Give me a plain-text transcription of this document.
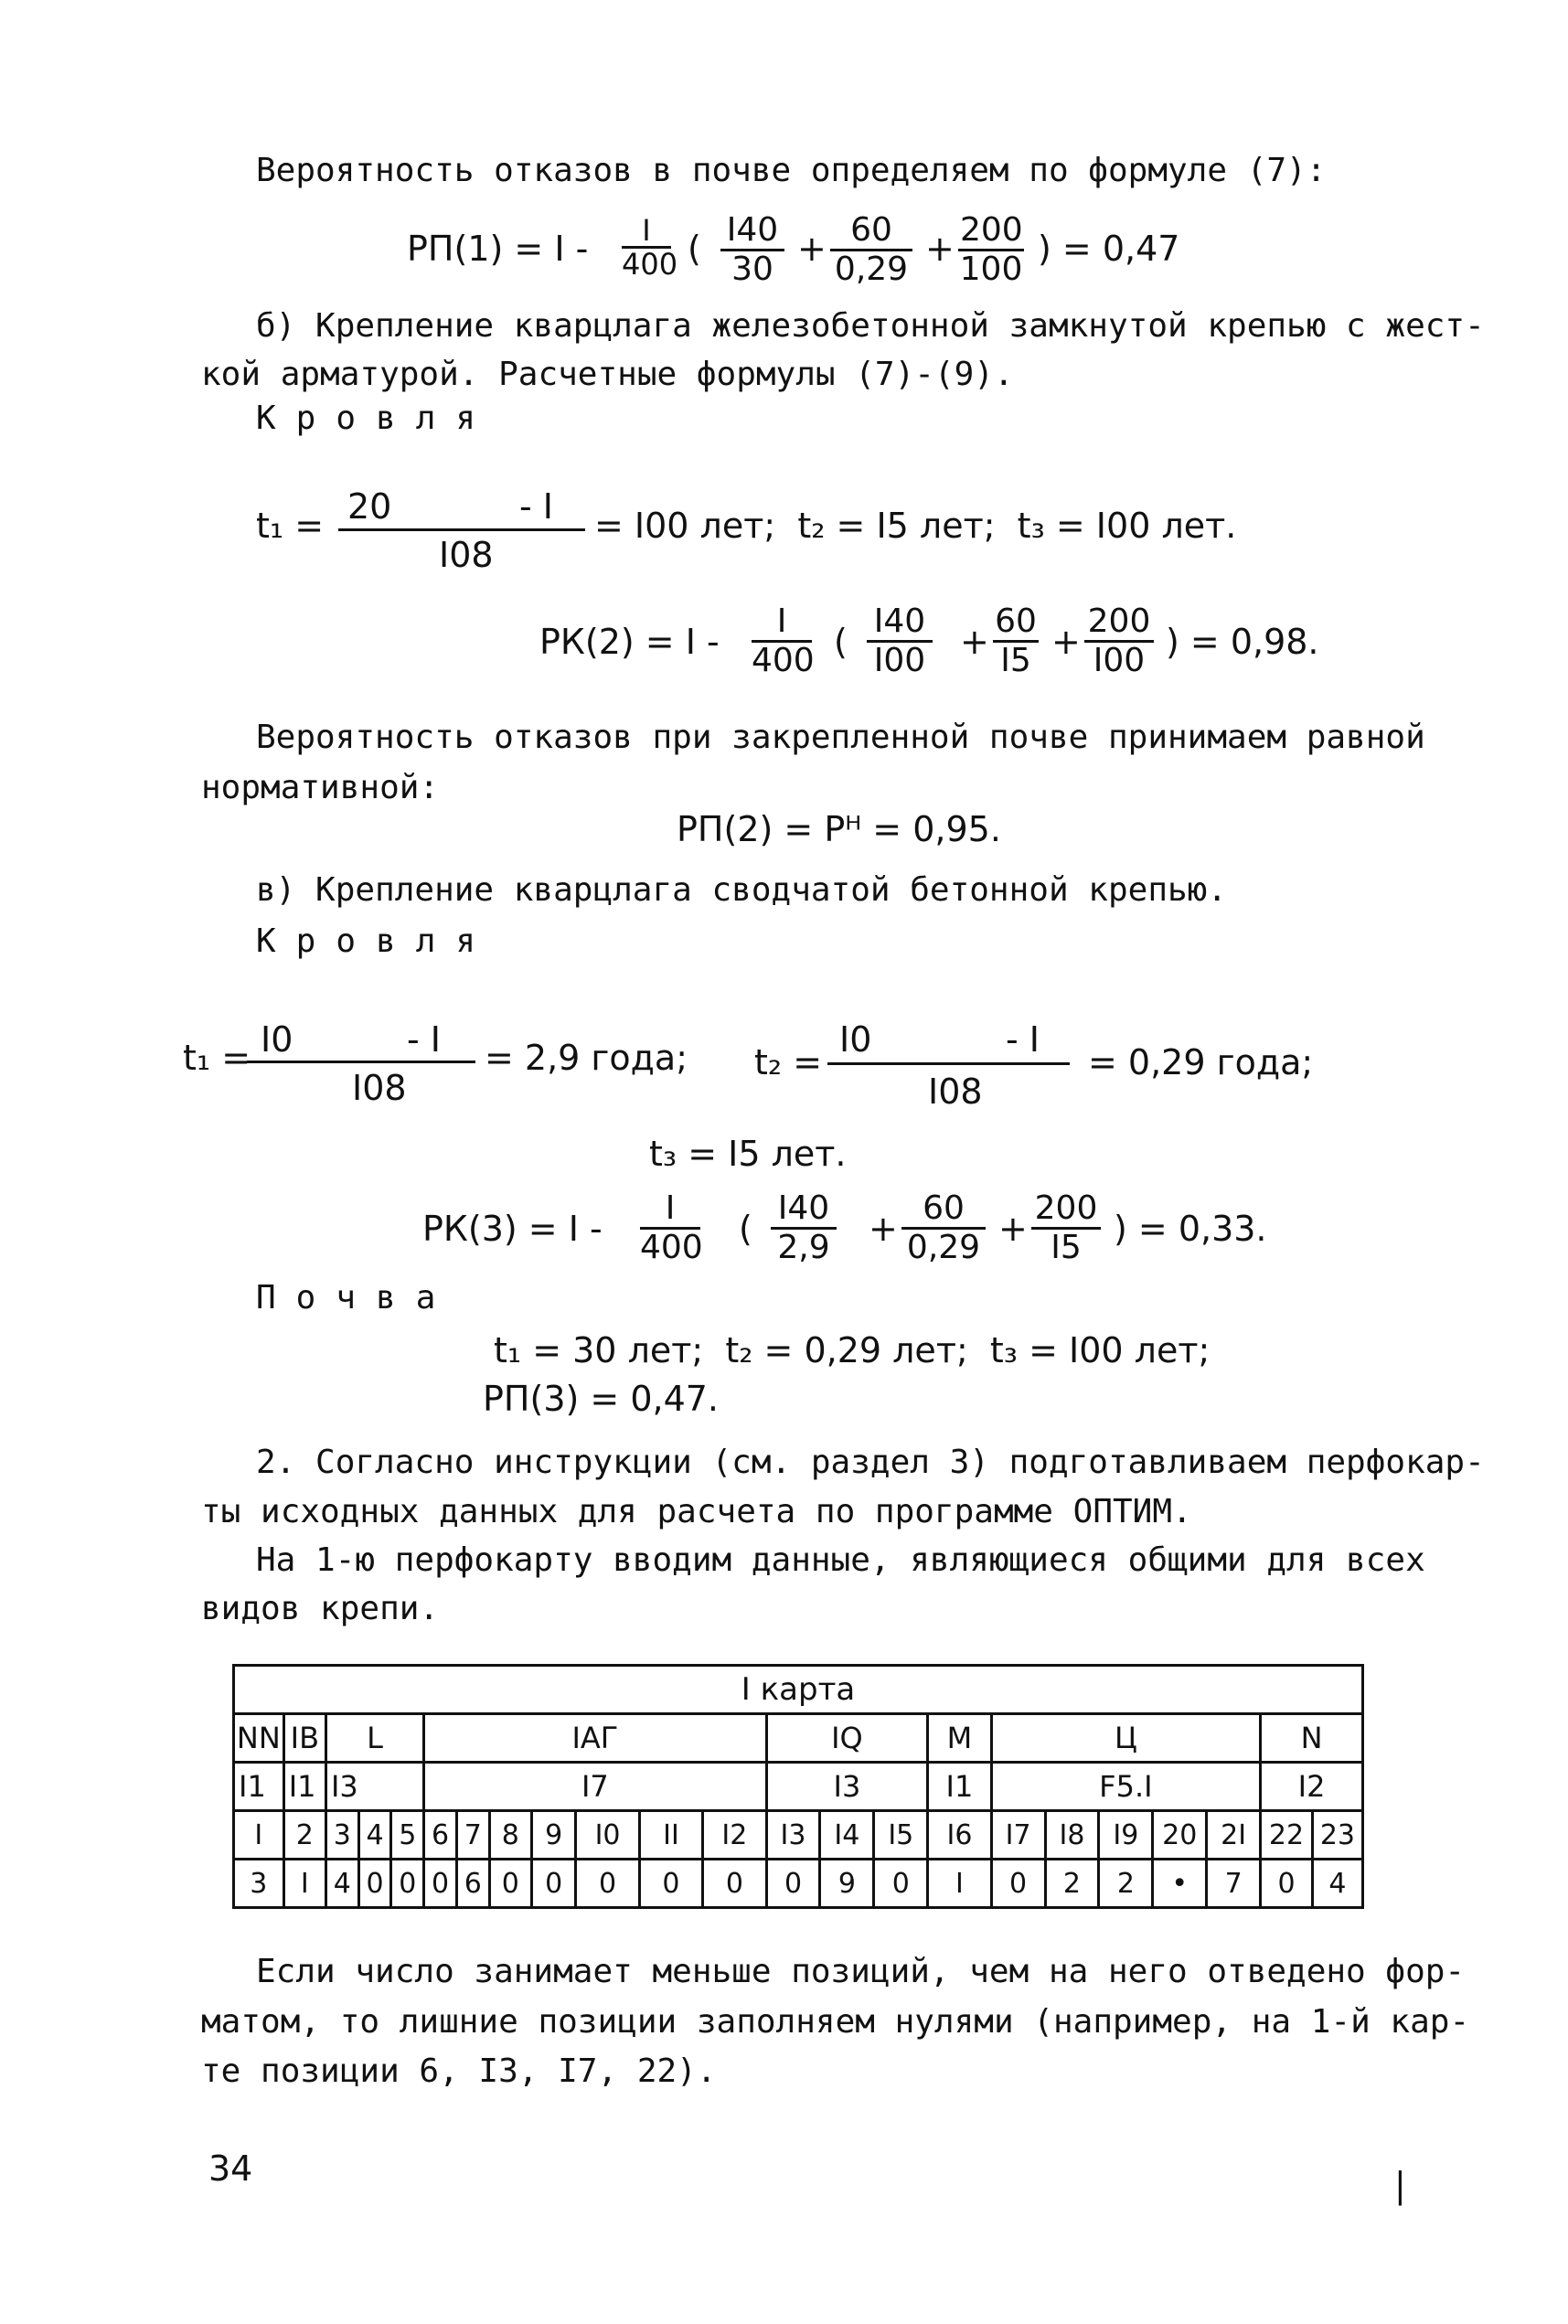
Вероятность отказов в почве определяем по формуле (7):
$РП(1) = I - \frac{I}{400}$ ( $\frac{I40}{30} + \frac{60}{0,29} + \frac{200}{100}$ ) = 0,47
б) Крепление кварцлага железобетонной замкнутой крепью с жест-
кой арматурой. Расчетные формулы (7)-(9).
Кровля
t₁ = 20	- I
I08
= I00 лет;  t₂ = I5 лет;  t₃ = I00 лет.
$РК(2) = I - \frac{I}{400}$ ( $\frac{I40}{I00} + \frac{60}{I5} + \frac{200}{I00}$ ) = 0,98.
Вероятность отказов при закрепленной почве принимаем равной
нормативной:
РП(2) = Pᴴ = 0,95.
в) Крепление кварцлага сводчатой бетонной крепью.
Кровля
t₁ = I0	- I
I08
= 2,9 года; t₂ =
I0	- I
I08
= 0,29 года;
t₃ = I5 лет.
$РК(3) = I - \frac{I}{400}$ ( $\frac{I40}{2,9} + \frac{60}{0,29} + \frac{200}{I5}$ ) = 0,33.
Почва
t₁ = 30 лет;  t₂ = 0,29 лет;  t₃ = I00 лет;
РП(3) = 0,47.
2. Согласно инструкции (см. раздел 3) подготавливаем перфокар-
ты исходных данных для расчета по программе ОПТИМ.
На 1-ю перфокарту вводим данные, являющиеся общими для всех
видов крепи.
I карта																						
NN	IB	L			IAГ							IQ			M	Ц					N	
I1	I1	I3			I7							I3			I1	F5.I					I2	
I	2	3	4	5	6	7	8	9	I0	II	I2	I3	I4	I5	I6	I7	I8	I9	20	2I	22	23
3	I	4	0	0	0	6	0	0	0	0	0	0	9	0	I	0	2	2	•	7	0	4
Если число занимает меньше позиций, чем на него отведено фор-
матом, то лишние позиции заполняем нулями (например, на 1-й кар-
те позиции 6, I3, I7, 22).
34	|
